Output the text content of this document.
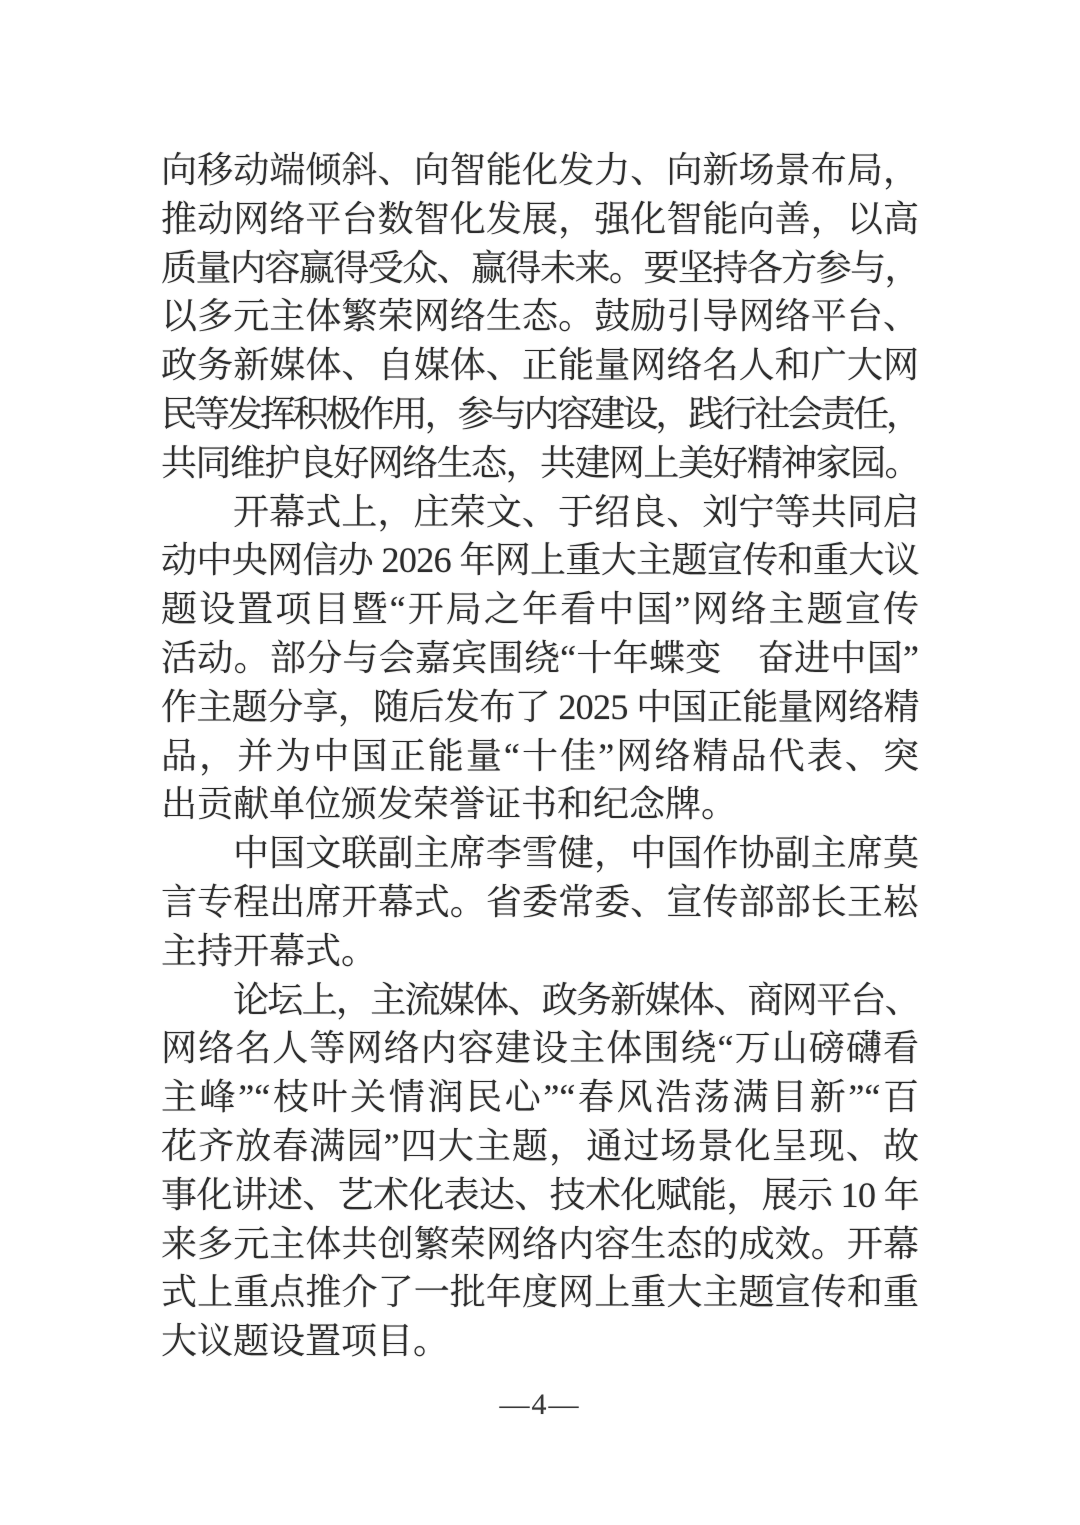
向移动端倾斜、向智能化发力、向新场景布局，
推动网络平台数智化发展，强化智能向善，以高
质量内容赢得受众、赢得未来。要坚持各方参与，
以多元主体繁荣网络生态。鼓励引导网络平台、
政务新媒体、自媒体、正能量网络名人和广大网
民等发挥积极作用，参与内容建设，践行社会责任，
共同维护良好网络生态，共建网上美好精神家园。
开幕式上，庄荣文、于绍良、刘宁等共同启
动中央网信办 2026 年网上重大主题宣传和重大议
题设置项目暨“开局之年看中国”网络主题宣传
活动。部分与会嘉宾围绕“十年蝶变　奋进中国”
作主题分享，随后发布了 2025 中国正能量网络精
品，并为中国正能量“十佳”网络精品代表、突
出贡献单位颁发荣誉证书和纪念牌。
中国文联副主席李雪健，中国作协副主席莫
言专程出席开幕式。省委常委、宣传部部长王崧
主持开幕式。
论坛上，主流媒体、政务新媒体、商网平台、
网络名人等网络内容建设主体围绕“万山磅礴看
主峰”“枝叶关情润民心”“春风浩荡满目新”“百
花齐放春满园”四大主题，通过场景化呈现、故
事化讲述、艺术化表达、技术化赋能，展示 10 年
来多元主体共创繁荣网络内容生态的成效。开幕
式上重点推介了一批年度网上重大主题宣传和重
大议题设置项目。
—4—
